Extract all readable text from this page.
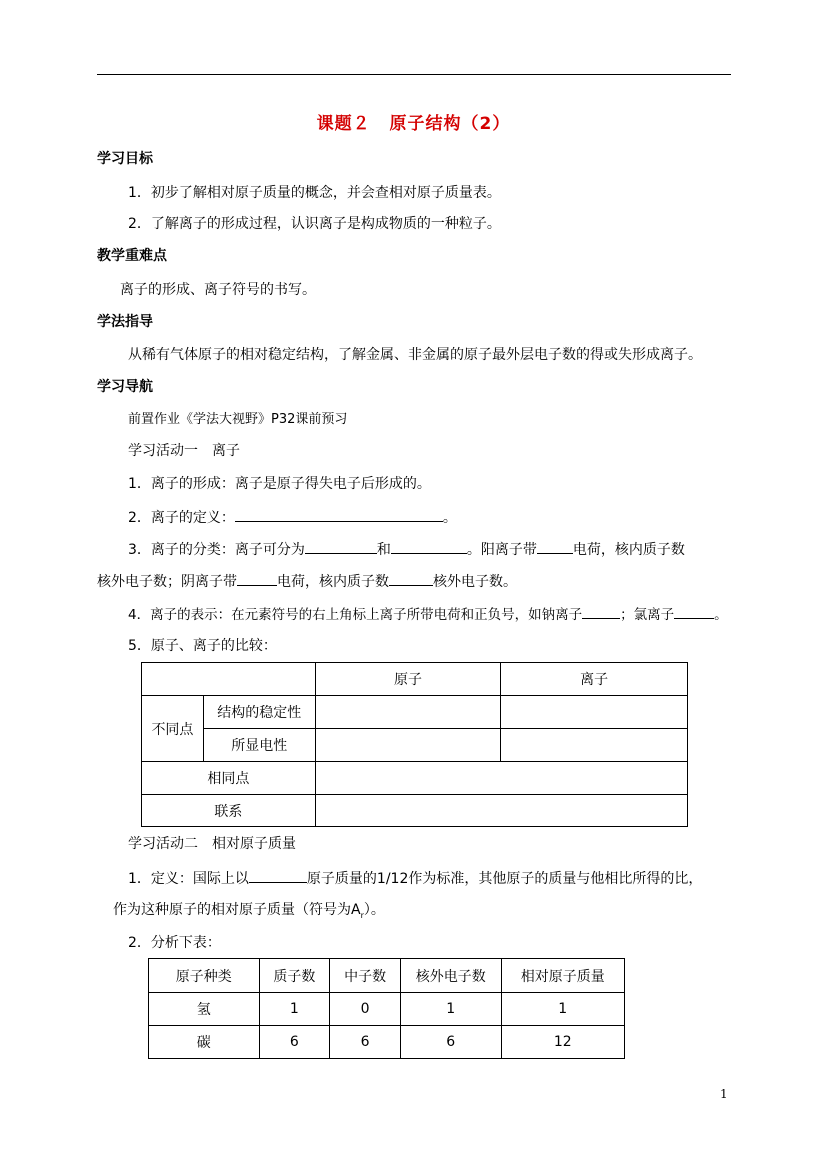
课题２ 原子结构（2）
学习目标
1．初步了解相对原子质量的概念，并会查相对原子质量表。
2．了解离子的形成过程，认识离子是构成物质的一种粒子。
教学重难点
离子的形成、离子符号的书写。
学法指导
从稀有气体原子的相对稳定结构，了解金属、非金属的原子最外层电子数的得或失形成离子。
学习导航
前置作业《学法大视野》P32课前预习
学习活动一　离子
1．离子的形成：离子是原子得失电子后形成的。
2．离子的定义：	。
3．离子的分类：离子可分为	和	。阳离子带	电荷，核内质子数
核外电子数；阴离子带	电荷，核内质子数	核外电子数。
4．离子的表示：在元素符号的右上角标上离子所带电荷和正负号，如钠离子	；氯离子	。
5．原子、离子的比较：
		原子	离子
不同点	结构的稳定性		
	所显电性		
相同点			
联系			
学习活动二　相对原子质量
1．定义：国际上以	原子质量的1/12作为标准，其他原子的质量与他相比所得的比，
作为这种原子的相对原子质量（符号为$A_r$）。
2．分析下表：
原子种类	质子数	中子数	核外电子数	相对原子质量
氢	1	0	1	1
碳	6	6	6	12
1
